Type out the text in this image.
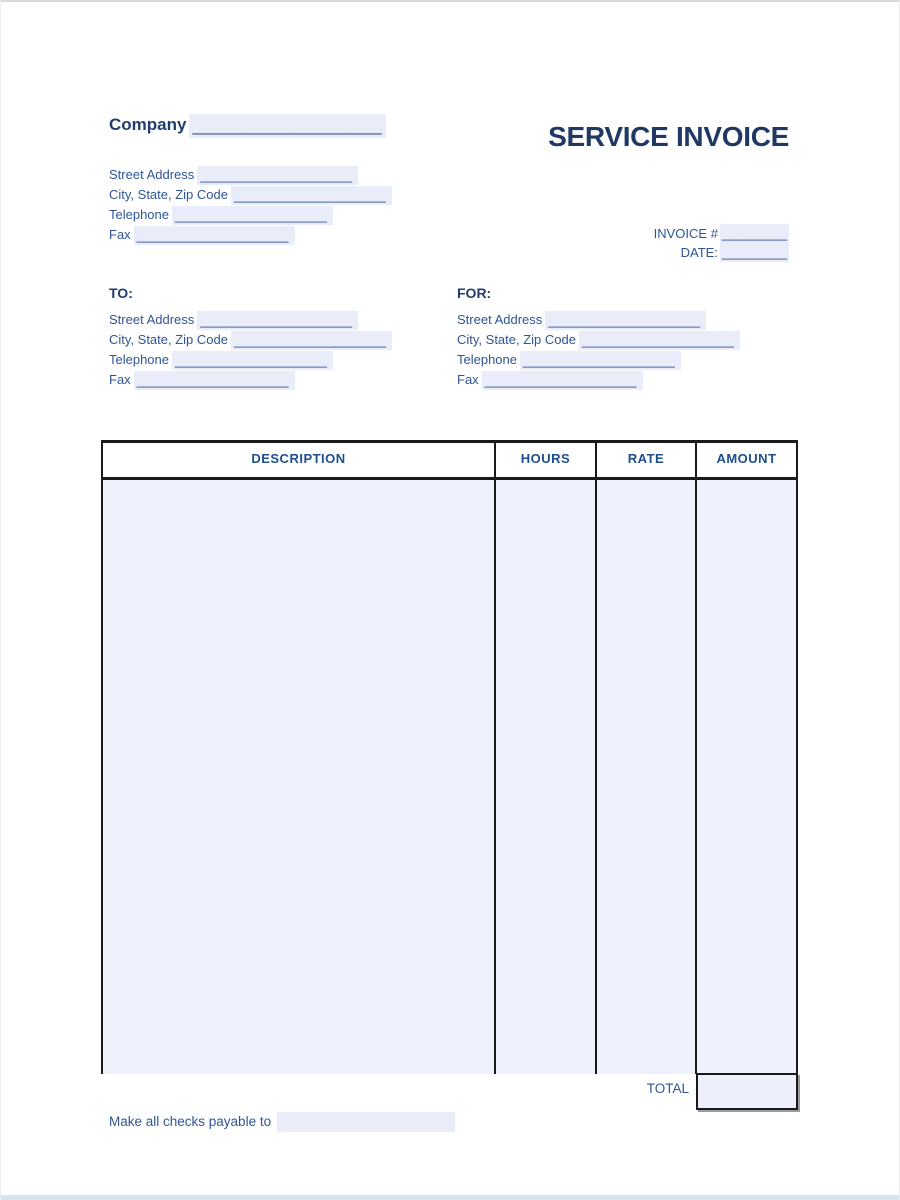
Company ____________________
Street Address _____________________
City, State, Zip Code _____________________
Telephone _____________________
Fax _____________________
SERVICE INVOICE
INVOICE # _________
DATE: _________
TO:
Street Address _____________________
City, State, Zip Code _____________________
Telephone _____________________
Fax _____________________
FOR:
Street Address _____________________
City, State, Zip Code _____________________
Telephone _____________________
Fax _____________________
DESCRIPTION	HOURS	RATE	AMOUNT
TOTAL
Make all checks payable to
